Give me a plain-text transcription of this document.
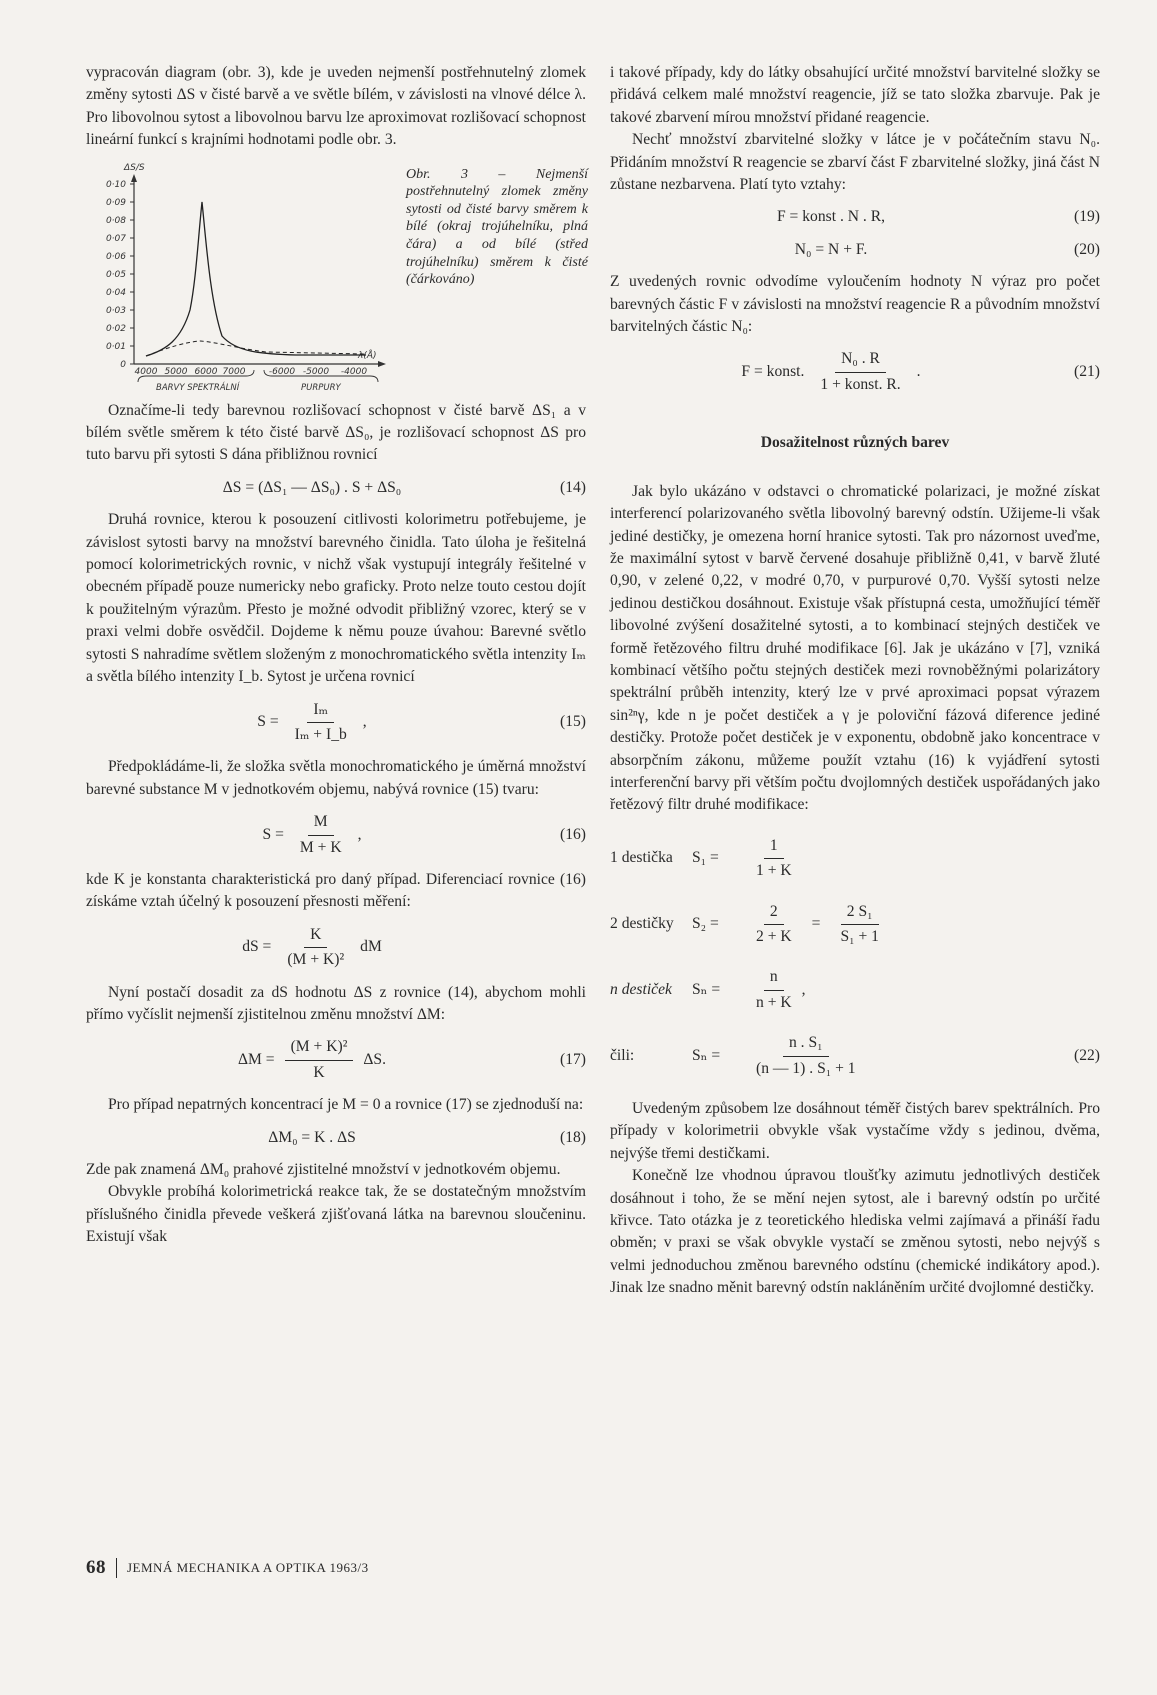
vypracován diagram (obr. 3), kde je uveden nejmenší postřehnutelný zlomek změny sytosti ΔS v čisté barvě a ve světle bílém, v závislosti na vlnové délce λ. Pro libovolnou sytost a libovolnou barvu lze aproximovat rozlišovací schopnost lineární funkcí s krajními hodnotami podle obr. 3.

ΔS/S
0·10
0·09
0·08
0·07
0·06
0·05
0·04
0·03
0·02
0·01
0
λ(Å)
4000 5000 6000 7000	-6000 -5000 -4000
BARVY SPEKTRÁLNÍ	PURPURY
Obr. 3 – Nejmenší postřehnutelný zlomek změny sytosti od čisté barvy směrem k bílé (okraj trojúhelníku, plná čára) a od bílé (střed trojúhelníku) směrem k čisté (čárkováno)

Označíme-li tedy barevnou rozlišovací schopnost v čisté barvě ΔS₁ a v bílém světle směrem k této čisté barvě ΔS₀, je rozlišovací schopnost ΔS pro tuto barvu při sytosti S dána přibližnou rovnicí

ΔS = (ΔS₁ — ΔS₀) . S + ΔS₀	(14)

Druhá rovnice, kterou k posouzení citlivosti kolorimetru potřebujeme, je závislost sytosti barvy na množství barevného činidla. Tato úloha je řešitelná pomocí kolorimetrických rovnic, v nichž však vystupují integrály řešitelné v obecném případě pouze numericky nebo graficky. Proto nelze touto cestou dojít k použitelným výrazům. Přesto je možné odvodit přibližný vzorec, který se v praxi velmi dobře osvědčil. Dojdeme k němu pouze úvahou: Barevné světlo sytosti S nahradíme světlem složeným z monochromatického světla intenzity Iₘ a světla bílého intenzity I_b. Sytost je určena rovnicí

$S = \frac{\text{Iₘ}}{\text{Iₘ + I\_b}}$ ,	(15)

Předpokládáme-li, že složka světla monochromatického je úměrná množství barevné substance M v jednotkovém objemu, nabývá rovnice (15) tvaru:

$S = \frac{M}{M + K}$ ,	(16)

kde K je konstanta charakteristická pro daný případ. Diferenciací rovnice (16) získáme vztah účelný k posouzení přesnosti měření:

dS = $\frac{K}{\text{(M + K)²}}$ dM

Nyní postačí dosadit za dS hodnotu ΔS z rovnice (14), abychom mohli přímo vyčíslit nejmenší zjistitelnou změnu množství ΔM:

$\Delta M = \frac{\text{(M + K)²}}{K} \Delta S$.	(17)

Pro případ nepatrných koncentrací je M = 0 a rovnice (17) se zjednoduší na:

ΔM₀ = K . ΔS	(18)

Zde pak znamená ΔM₀ prahové zjistitelné množství v jednotkovém objemu.

Obvykle probíhá kolorimetrická reakce tak, že se dostatečným množstvím příslušného činidla převede veškerá zjišťovaná látka na barevnou sloučeninu. Existují však

i takové případy, kdy do látky obsahující určité množství barvitelné složky se přidává celkem malé množství reagencie, jíž se tato složka zbarvuje. Pak je takové zbarvení mírou množství přidané reagencie.

Nechť množství zbarvitelné složky v látce je v počátečním stavu N₀. Přidáním množství R reagencie se zbarví část F zbarvitelné složky, jiná část N zůstane nezbarvena. Platí tyto vztahy:

F = konst . N . R,	(19)
N₀ = N + F.	(20)

Z uvedených rovnic odvodíme vyloučením hodnoty N výraz pro počet barevných částic F v závislosti na množství reagencie R a původním množství barvitelných částic N₀:

F = konst. $\frac{\text{N₀ . R}}{\text{1 + konst. R.}}$ .	(21)
Dosažitelnost různých barev

Jak bylo ukázáno v odstavci o chromatické polarizaci, je možné získat interferencí polarizovaného světla libovolný barevný odstín. Užijeme-li však jediné destičky, je omezena horní hranice sytosti. Tak pro názornost uveďme, že maximální sytost v barvě červené dosahuje přibližně 0,41, v barvě žluté 0,90, v zelené 0,22, v modré 0,70, v purpurové 0,70. Vyšší sytosti nelze jedinou destičkou dosáhnout. Existuje však přístupná cesta, umožňující téměř libovolné zvýšení dosažitelné sytosti, a to kombinací stejných destiček ve formě řetězového filtru druhé modifikace [6]. Jak je ukázáno v [7], vzniká kombinací většího počtu stejných destiček mezi rovnoběžnými polarizátory spektrální průběh intenzity, který lze v prvé aproximaci popsat výrazem sin²ⁿγ, kde n je počet destiček a γ je poloviční fázová diference jediné destičky. Protože počet destiček je v exponentu, obdobně jako koncentrace v absorpčním zákonu, můžeme použít vztahu (16) k vyjádření sytosti interferenční barvy při větším počtu dvojlomných destiček uspořádaných jako řetězový filtr druhé modifikace:

1 destička	S₁ =	$\frac{1}{1 + K}$
2 destičky	S₂ =	$\frac{2}{2 + K} = \frac{\text{2 S₁}}{\text{S₁ + 1}}$
n destiček	Sₙ =	$\frac{n}{n + K}$ ,
čili:	Sₙ =	$\frac{\text{n . S₁}}{\text{(n — 1) . S₁ + 1}}$	(22)

Uvedeným způsobem lze dosáhnout téměř čistých barev spektrálních. Pro případy v kolorimetrii obvykle však vystačíme vždy s jedinou, dvěma, nejvýše třemi destičkami.

Konečně lze vhodnou úpravou tloušťky azimutu jednotlivých destiček dosáhnout i toho, že se mění nejen sytost, ale i barevný odstín po určité křivce. Tato otázka je z teoretického hlediska velmi zajímavá a přináší řadu obměn; v praxi se však obvykle vystačí se změnou sytosti, nebo nejvýš s velmi jednoduchou změnou barevného odstínu (chemické indikátory apod.). Jinak lze snadno měnit barevný odstín nakláněním určité dvojlomné destičky.

68 JEMNÁ MECHANIKA A OPTIKA 1963/3
